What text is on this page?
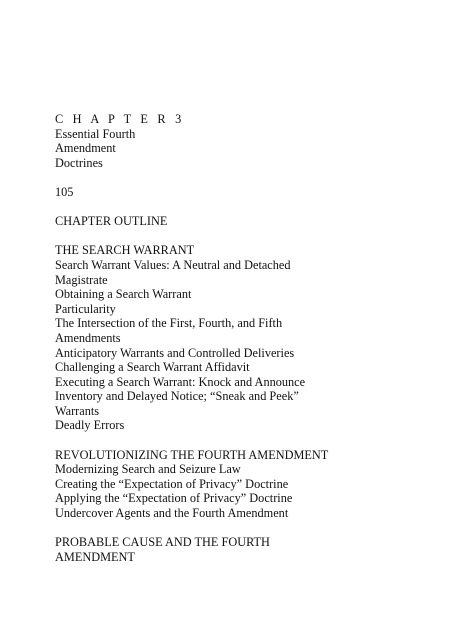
C H A P T E R 3
Essential Fourth
Amendment
Doctrines
105
CHAPTER OUTLINE
THE SEARCH WARRANT
Search Warrant Values: A Neutral and Detached
Magistrate
Obtaining a Search Warrant
Particularity
The Intersection of the First, Fourth, and Fifth
Amendments
Anticipatory Warrants and Controlled Deliveries
Challenging a Search Warrant Affidavit
Executing a Search Warrant: Knock and Announce
Inventory and Delayed Notice; “Sneak and Peek”
Warrants
Deadly Errors
REVOLUTIONIZING THE FOURTH AMENDMENT
Modernizing Search and Seizure Law
Creating the “Expectation of Privacy” Doctrine
Applying the “Expectation of Privacy” Doctrine
Undercover Agents and the Fourth Amendment
PROBABLE CAUSE AND THE FOURTH
AMENDMENT
